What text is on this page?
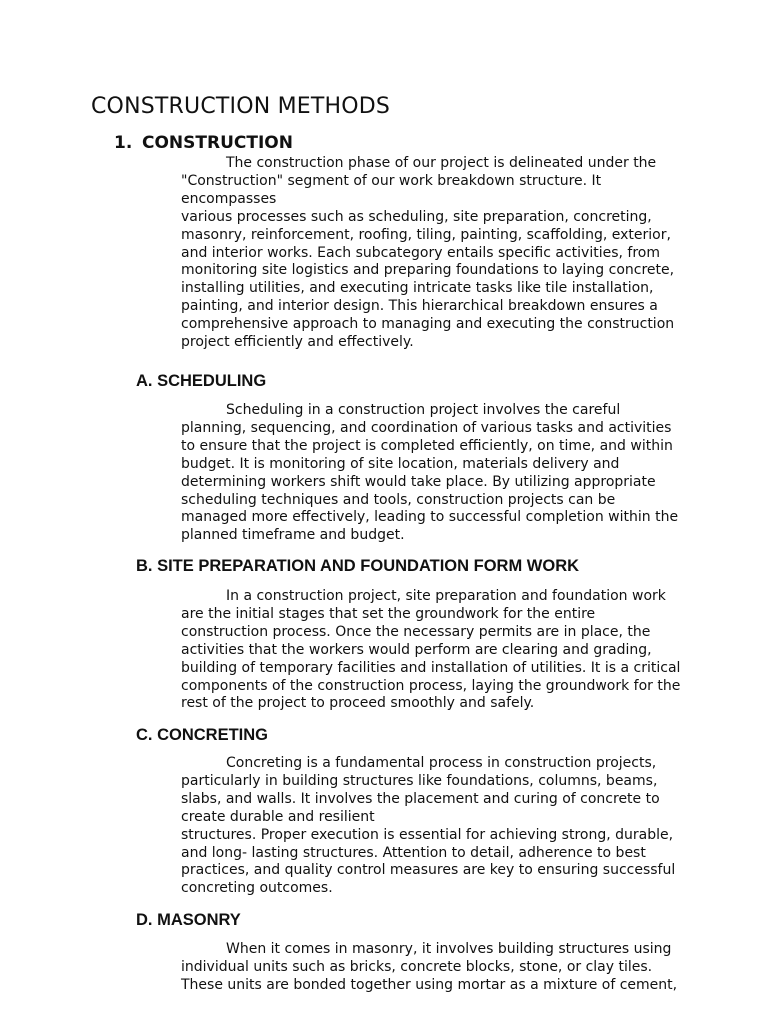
CONSTRUCTION METHODS
1. CONSTRUCTION
The construction phase of our project is delineated under the
"Construction" segment of our work breakdown structure. It
encompasses
various processes such as scheduling, site preparation, concreting,
masonry, reinforcement, roofing, tiling, painting, scaffolding, exterior,
and interior works. Each subcategory entails specific activities, from
monitoring site logistics and preparing foundations to laying concrete,
installing utilities, and executing intricate tasks like tile installation,
painting, and interior design. This hierarchical breakdown ensures a
comprehensive approach to managing and executing the construction
project efficiently and effectively.
A. SCHEDULING
Scheduling in a construction project involves the careful
planning, sequencing, and coordination of various tasks and activities
to ensure that the project is completed efficiently, on time, and within
budget. It is monitoring of site location, materials delivery and
determining workers shift would take place. By utilizing appropriate
scheduling techniques and tools, construction projects can be
managed more effectively, leading to successful completion within the
planned timeframe and budget.
B. SITE PREPARATION AND FOUNDATION FORM WORK
In a construction project, site preparation and foundation work
are the initial stages that set the groundwork for the entire
construction process. Once the necessary permits are in place, the
activities that the workers would perform are clearing and grading,
building of temporary facilities and installation of utilities. It is a critical
components of the construction process, laying the groundwork for the
rest of the project to proceed smoothly and safely.
C. CONCRETING
Concreting is a fundamental process in construction projects,
particularly in building structures like foundations, columns, beams,
slabs, and walls. It involves the placement and curing of concrete to
create durable and resilient
structures. Proper execution is essential for achieving strong, durable,
and long- lasting structures. Attention to detail, adherence to best
practices, and quality control measures are key to ensuring successful
concreting outcomes.
D. MASONRY
When it comes in masonry, it involves building structures using
individual units such as bricks, concrete blocks, stone, or clay tiles.
These units are bonded together using mortar as a mixture of cement,
